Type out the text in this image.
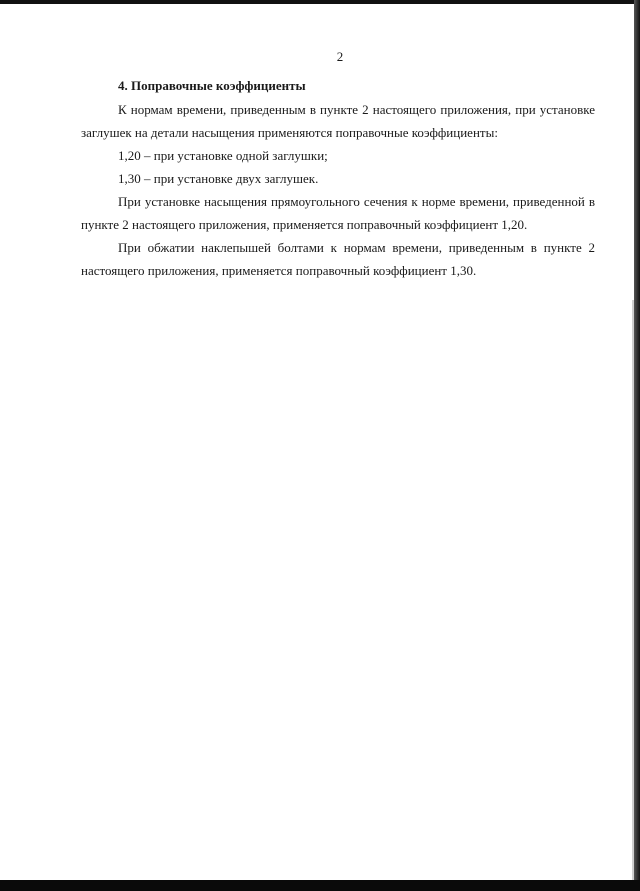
2
4. Поправочные коэффициенты

К нормам времени, приведенным в пункте 2 настоящего приложения, при установке заглушек на детали насыщения применяются поправочные коэффициенты:

1,20 – при установке одной заглушки;

1,30 – при установке двух заглушек.

При установке насыщения прямоугольного сечения к норме времени, приведенной в пункте 2 настоящего приложения, применяется поправочный коэффициент 1,20.

При обжатии наклепышей болтами к нормам времени, приведенным в пункте 2 настоящего приложения, применяется поправочный коэффициент 1,30.
